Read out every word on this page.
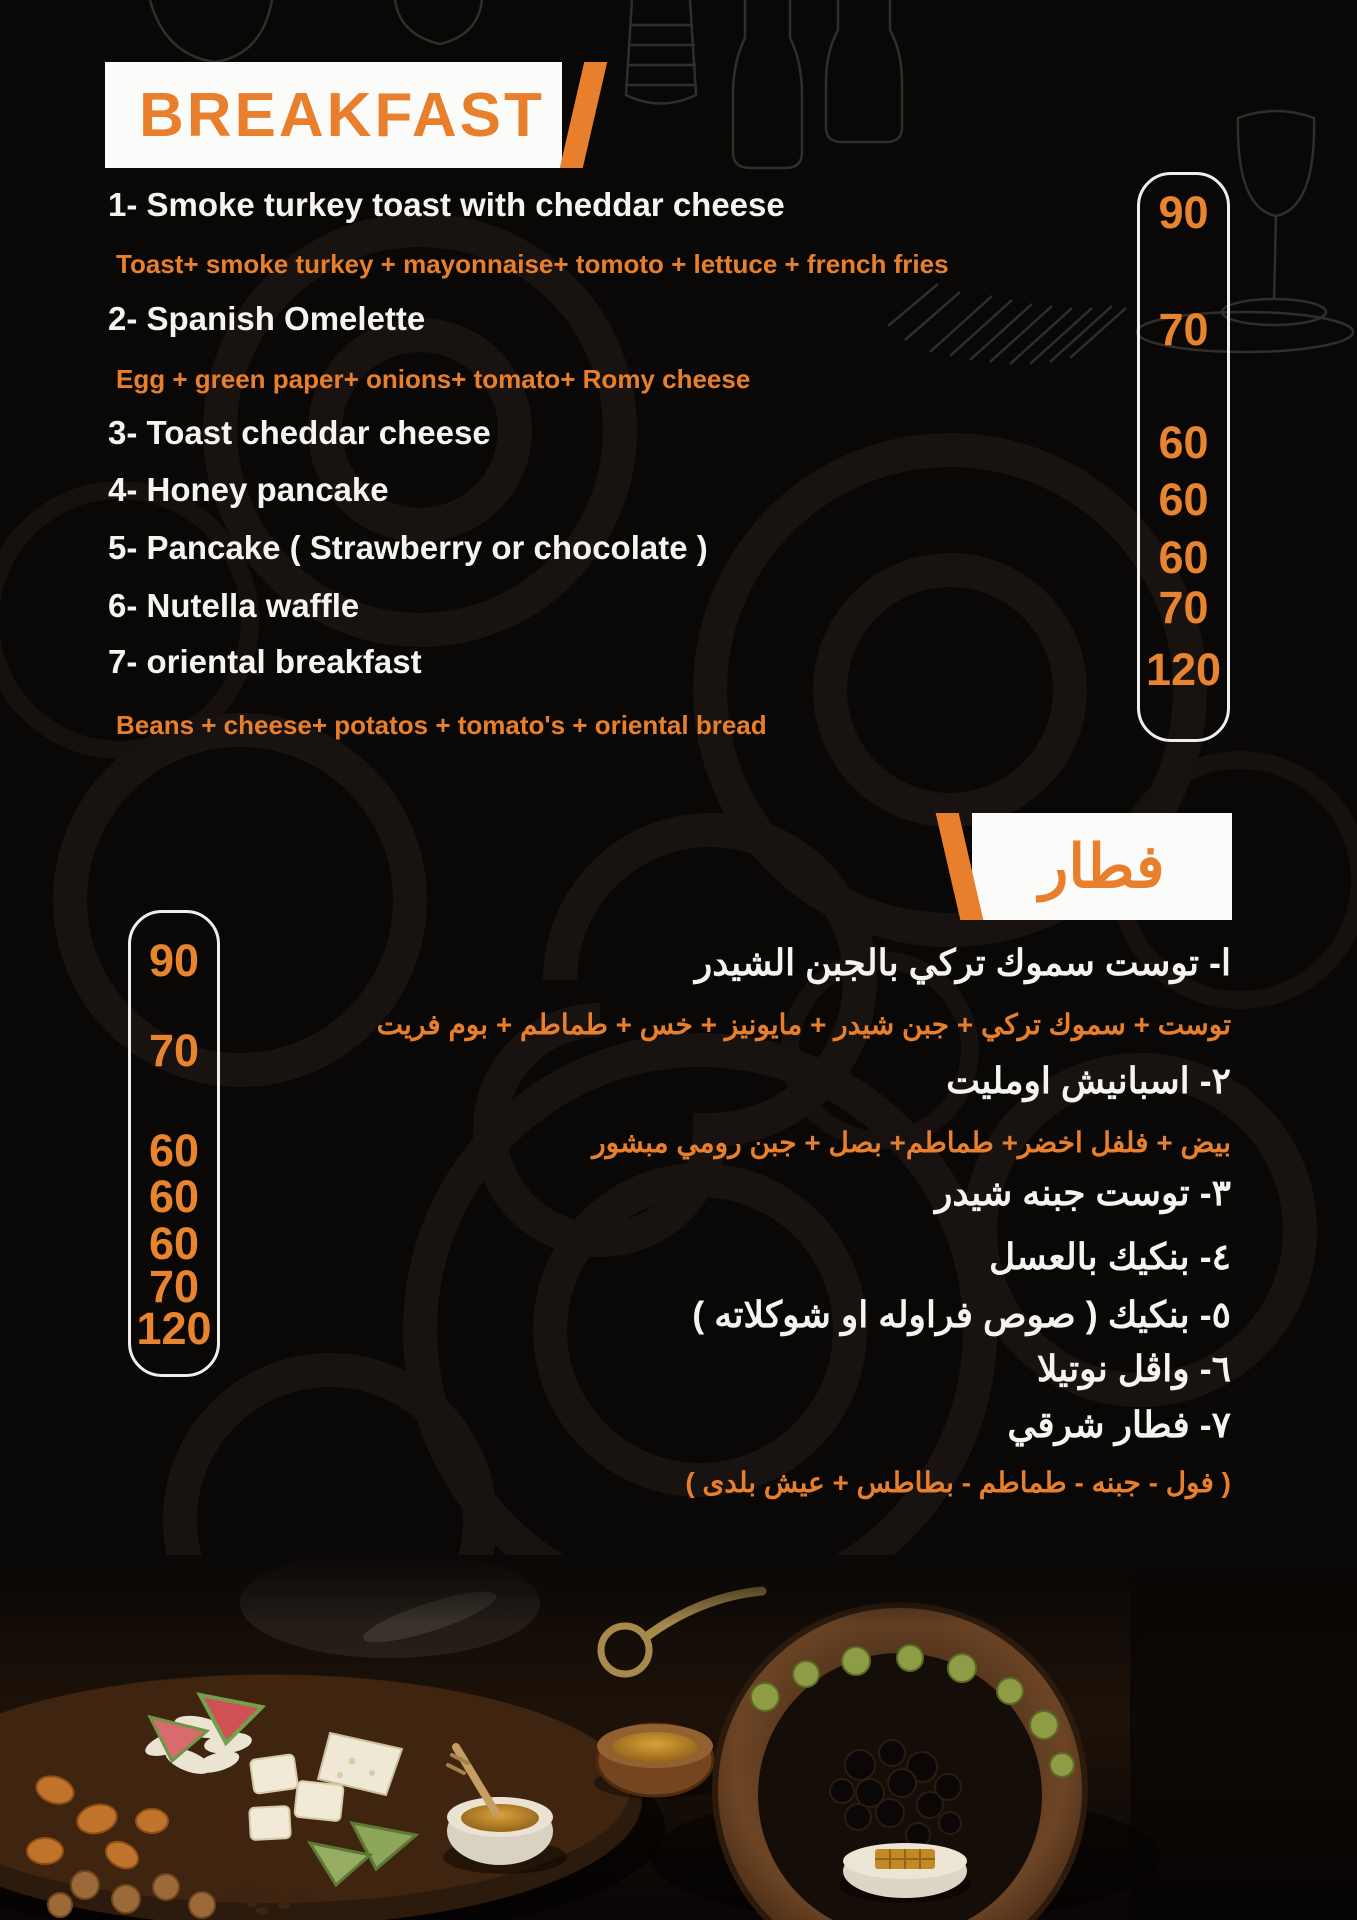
BREAKFAST
1- Smoke turkey toast with cheddar cheese
Toast+ smoke turkey + mayonnaise+ tomoto + lettuce + french fries
2- Spanish Omelette
Egg + green paper+ onions+ tomato+ Romy cheese
3- Toast cheddar cheese
4- Honey pancake
5- Pancake ( Strawberry or chocolate )
6- Nutella waffle
7- oriental breakfast
Beans + cheese+ potatos + tomato's + oriental bread
90
70
60
60
60
70
120
فطار
ا- توست سموك تركي بالجبن الشيدر
توست + سموك تركي + جبن شيدر + مايونيز + خس + طماطم + بوم فريت
٢- اسبانيش اومليت
بيض + فلفل اخضر+ طماطم+ بصل + جبن رومي مبشور
٣- توست جبنه شيدر
٤- بنكيك بالعسل
٥- بنكيك ( صوص فراوله او شوكلاته )
٦- واڤل نوتيلا
٧- فطار شرقي
( فول - جبنه - طماطم - بطاطس + عيش بلدى )
90
70
60
60
60
70
120
